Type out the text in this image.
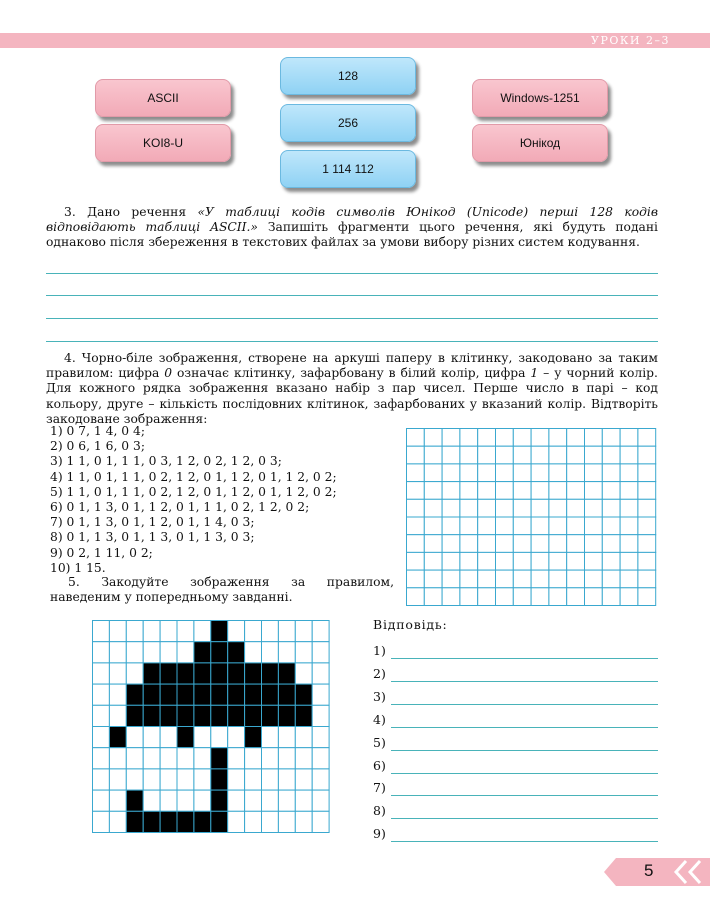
УРОКИ 2–3
ASCII
KOI8-U
128
256
1 114 112
Windows-1251
Юнікод
3. Дано речення «У таблиці кодів символів Юнікод (Unicode) перші 128 кодів відповідають таблиці ASCII.» Запишіть фрагменти цього речення, які будуть подані однаково після збереження в текстових файлах за умови вибору різних систем кодування.
4. Чорно-біле зображення, створене на аркуші паперу в клітинку, закодовано за таким правилом: цифра 0 означає клітинку, зафарбовану в білий колір, цифра 1 – у чорний колір. Для кожного рядка зображення вказано набір з пар чисел. Перше число в парі – код кольору, друге – кількість послідовних клітинок, зафарбованих у вказаний колір. Відтворіть закодоване зображення:
1) 0 7, 1 4, 0 4;
2) 0 6, 1 6, 0 3;
3) 1 1, 0 1, 1 1, 0 3, 1 2, 0 2, 1 2, 0 3;
4) 1 1, 0 1, 1 1, 0 2, 1 2, 0 1, 1 2, 0 1, 1 2, 0 2;
5) 1 1, 0 1, 1 1, 0 2, 1 2, 0 1, 1 2, 0 1, 1 2, 0 2;
6) 0 1, 1 3, 0 1, 1 2, 0 1, 1 1, 0 2, 1 2, 0 2;
7) 0 1, 1 3, 0 1, 1 2, 0 1, 1 4, 0 3;
8) 0 1, 1 3, 0 1, 1 3, 0 1, 1 3, 0 3;
9) 0 2, 1 11, 0 2;
10) 1 15.
5. Закодуйте зображення за правилом, наведеним у попередньому завданні.
Відповідь:
1)
2)
3)
4)
5)
6)
7)
8)
9)
5
